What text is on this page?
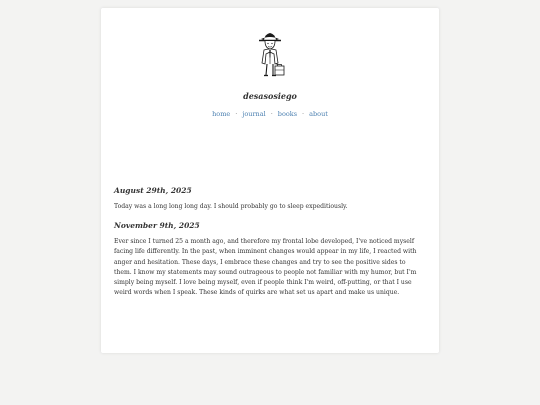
desasosiego
home · journal · books · about

August 29th, 2025

Today was a long long long day. I should probably go to sleep expeditiously.

November 9th, 2025

Ever since I turned 25 a month ago, and therefore my frontal lobe developed, I've noticed myself facing life differently. In the past, when imminent changes would appear in my life, I reacted with anger and hesitation. These days, I embrace these changes and try to see the positive sides to them. I know my statements may sound outrageous to people not familiar with my humor, but I'm simply being myself. I love being myself, even if people think I'm weird, off-putting, or that I use weird words when I speak. These kinds of quirks are what set us apart and make us unique.
